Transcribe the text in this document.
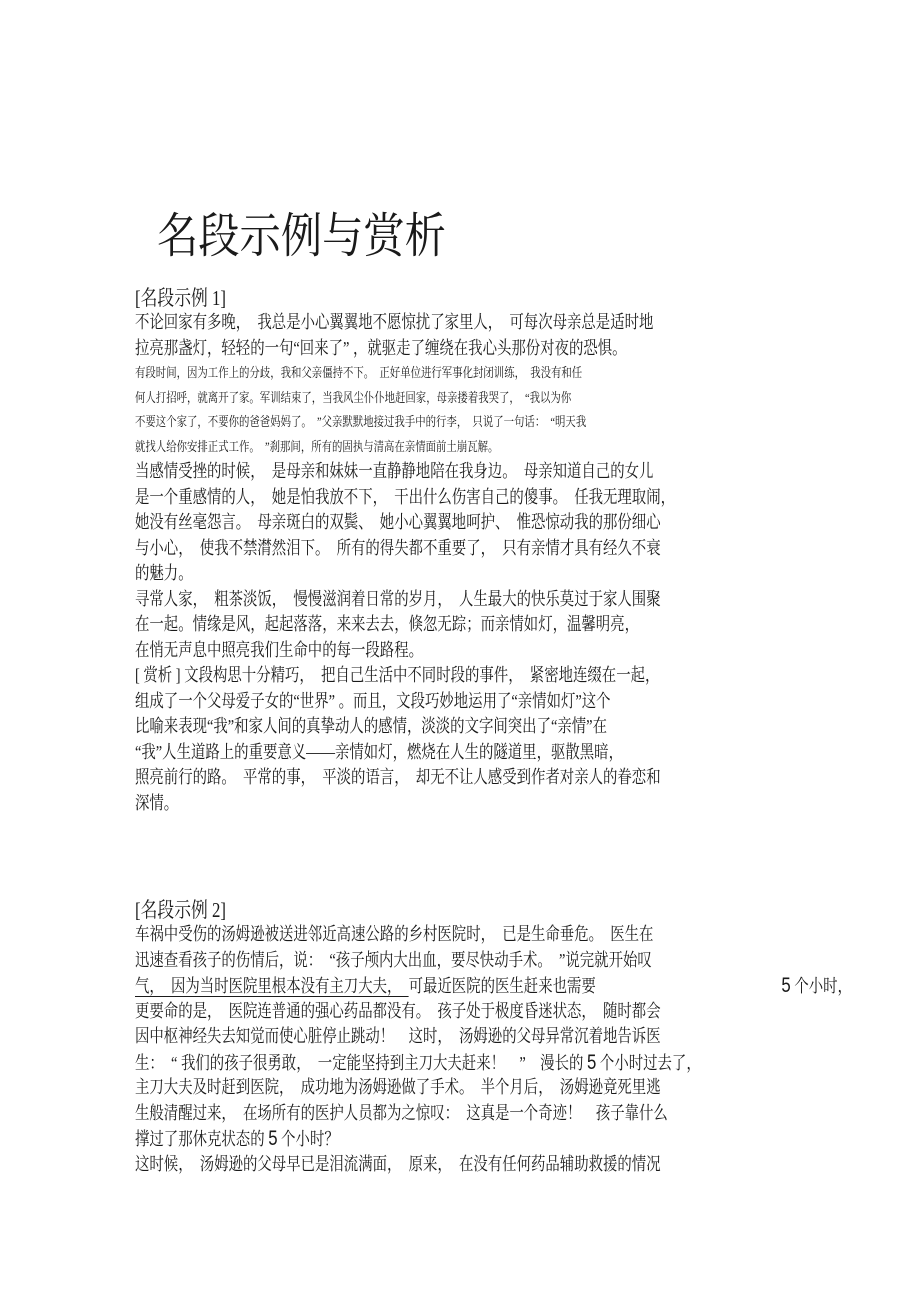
名段示例与赏析
[名段示例 1]
不论回家有多晚，　我总是小心翼翼地不愿惊扰了家里人，　可每次母亲总是适时地
拉亮那盏灯，轻轻的一句“回来了” ，就驱走了缠绕在我心头那份对夜的恐惧。
有段时间，因为工作上的分歧，我和父亲僵持不下。　正好单位进行军事化封闭训练，　我没有和任
何人打招呼，就离开了家。军训结束了，当我风尘仆仆地赶回家，母亲搂着我哭了，　“我以为你
不要这个家了，不要你的爸爸妈妈了。　”父亲默默地接过我手中的行李，　只说了一句话：　“明天我
就找人给你安排正式工作。　”刹那间，所有的固执与清高在亲情面前土崩瓦解。
当感情受挫的时候，　是母亲和妹妹一直静静地陪在我身边。　母亲知道自己的女儿
是一个重感情的人，　她是怕我放不下，　干出什么伤害自己的傻事。　任我无理取闹，
她没有丝毫怨言。　母亲斑白的双鬓、　她小心翼翼地呵护、　惟恐惊动我的那份细心
与小心，　使我不禁潸然泪下。　所有的得失都不重要了，　只有亲情才具有经久不衰
的魅力。
寻常人家，　粗茶淡饭，　慢慢滋润着日常的岁月，　人生最大的快乐莫过于家人围聚
在一起。情缘是风，起起落落，来来去去，倏忽无踪；而亲情如灯，温馨明亮，
在悄无声息中照亮我们生命中的每一段路程。
[ 赏析 ] 文段构思十分精巧，　把自己生活中不同时段的事件，　紧密地连缀在一起，
组成了一个父母爱子女的“世界” 。而且，文段巧妙地运用了“亲情如灯”这个
比喻来表现“我”和家人间的真挚动人的感情，淡淡的文字间突出了“亲情”在
“我”人生道路上的重要意义——亲情如灯，燃烧在人生的隧道里，驱散黑暗，
照亮前行的路。　平常的事，　平淡的语言，　却无不让人感受到作者对亲人的眷恋和
深情。
[名段示例 2]
车祸中受伤的汤姆逊被送进邻近高速公路的乡村医院时，　已是生命垂危。　医生在
迅速查看孩子的伤情后，说：　“孩子颅内大出血，要尽快动手术。　”说完就开始叹
气，　因为当时医院里根本没有主刀大夫，　可最近医院的医生赶来也需要	5 个小时，
更要命的是，　医院连普通的强心药品都没有。　孩子处于极度昏迷状态，　随时都会
因中枢神经失去知觉而使心脏停止跳动！　这时，　汤姆逊的父母异常沉着地告诉医
生：　“ 我们的孩子很勇敢，　一定能坚持到主刀大夫赶来！　”　漫长的 5 个小时过去了，
主刀大夫及时赶到医院，　成功地为汤姆逊做了手术。　半个月后，　汤姆逊竟死里逃
生般清醒过来，　在场所有的医护人员都为之惊叹：　这真是一个奇迹！　孩子靠什么
撑过了那休克状态的 5 个小时？
这时候，　汤姆逊的父母早已是泪流满面，　原来，　在没有任何药品辅助救援的情况
